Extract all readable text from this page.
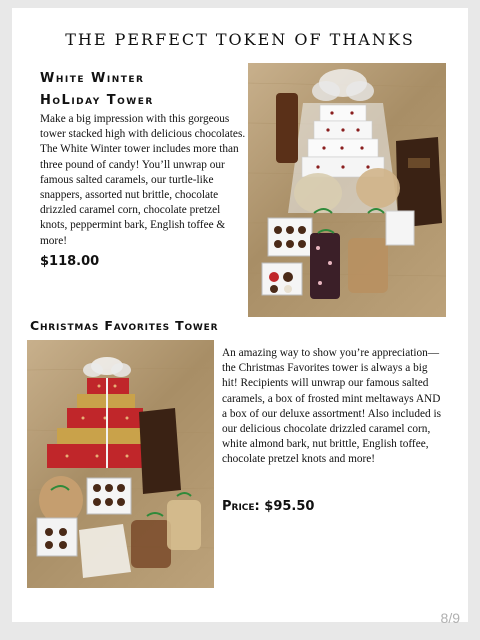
THE PERFECT TOKEN OF THANKS
White Winter
HoLiday Tower
Make a big impression with this gorgeous tower stacked high with delicious chocolates. The White Winter tower includes more than three pound of candy! You’ll unwrap our famous salted caramels, our turtle-like snappers, assorted nut brittle, chocolate drizzled caramel corn, chocolate pretzel knots, peppermint bark, English toffee & more!
$118.00
Christmas Favorites Tower
An amazing way to show you’re appreciation—the Christmas Favorites tower is always a big hit! Recipients will unwrap our famous salted caramels, a box of frosted mint meltaways AND a box of our deluxe assortment! Also included is our delicious chocolate drizzled caramel corn, white almond bark, nut brittle, English toffee, chocolate pretzel knots and more!
Price: $95.50
8/9
